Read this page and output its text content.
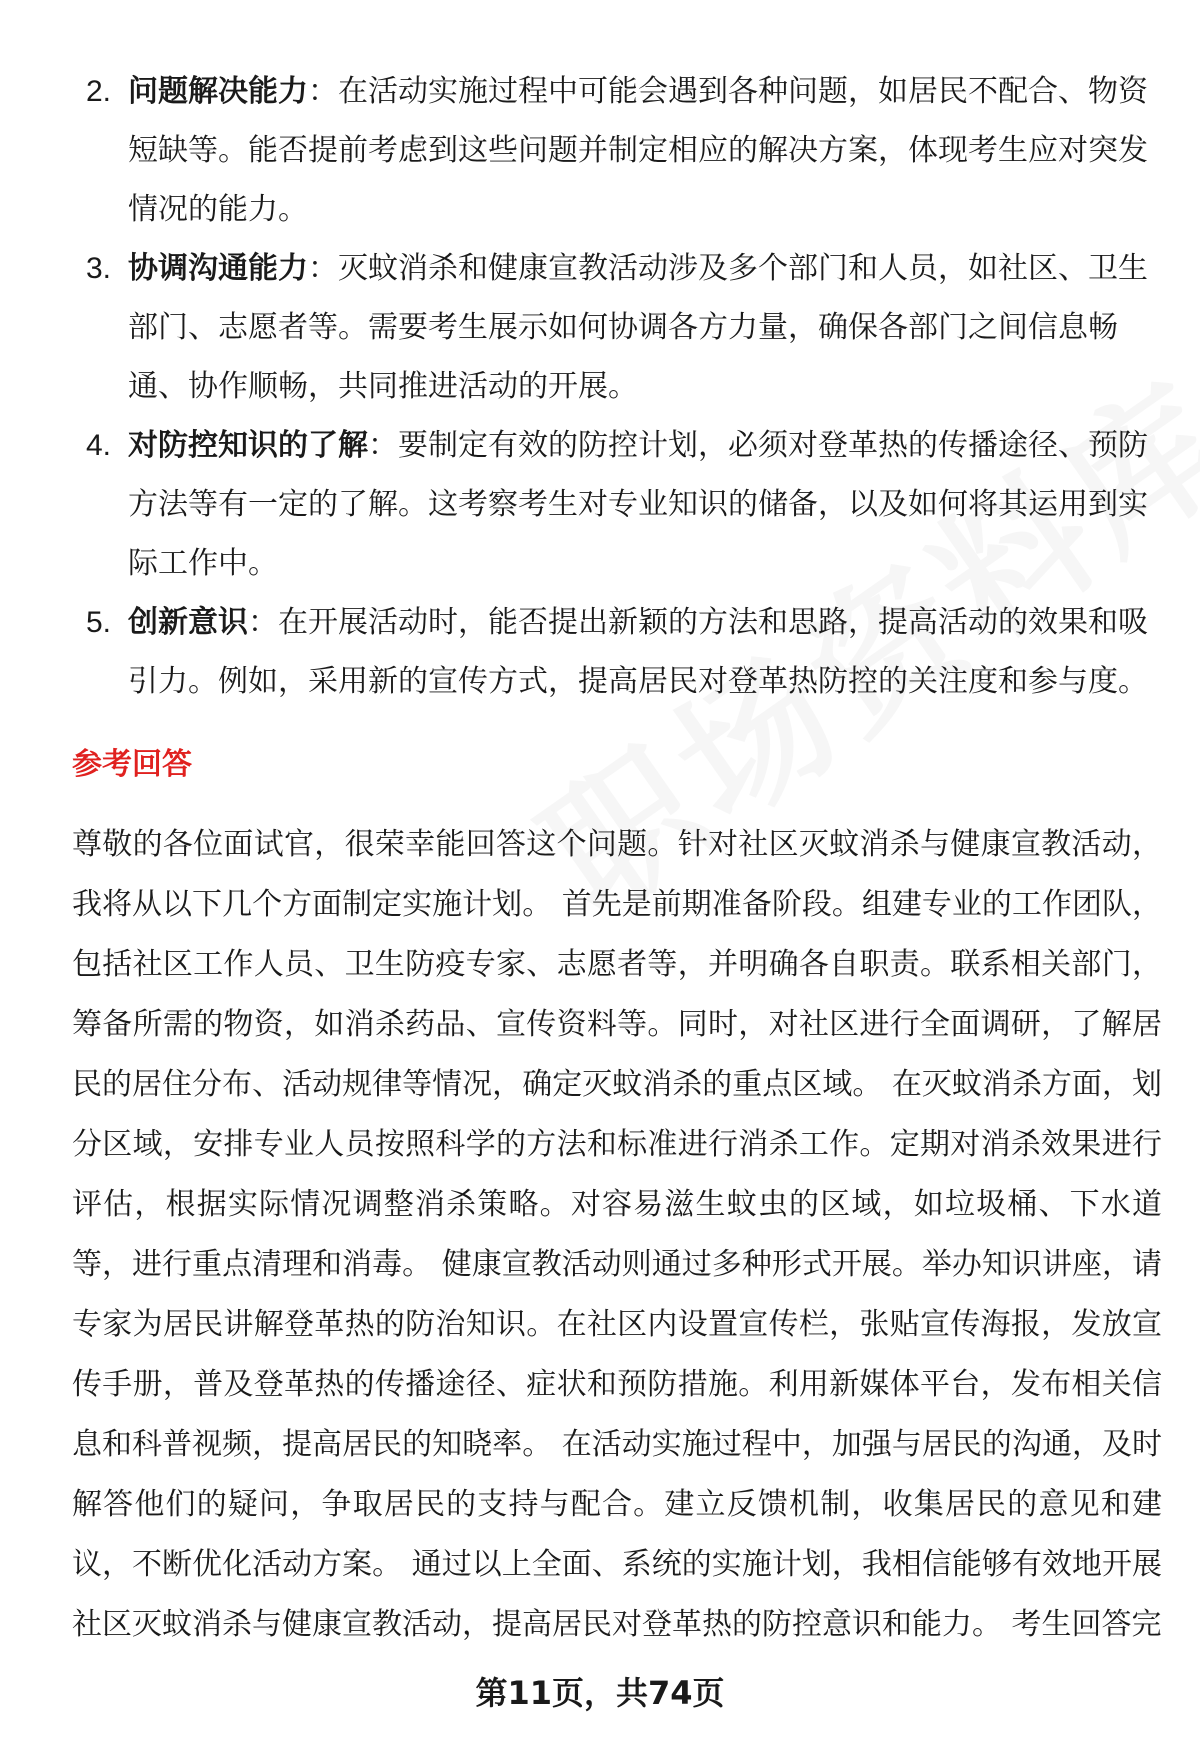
2. 问题解决能力：在活动实施过程中可能会遇到各种问题，如居民不配合、物资短缺等。能否提前考虑到这些问题并制定相应的解决方案，体现考生应对突发情况的能力。
3. 协调沟通能力：灭蚊消杀和健康宣教活动涉及多个部门和人员，如社区、卫生部门、志愿者等。需要考生展示如何协调各方力量，确保各部门之间信息畅通、协作顺畅，共同推进活动的开展。
4. 对防控知识的了解：要制定有效的防控计划，必须对登革热的传播途径、预防方法等有一定的了解。这考察考生对专业知识的储备，以及如何将其运用到实际工作中。
5. 创新意识：在开展活动时，能否提出新颖的方法和思路，提高活动的效果和吸引力。例如，采用新的宣传方式，提高居民对登革热防控的关注度和参与度。
参考回答

尊敬的各位面试官，很荣幸能回答这个问题。针对社区灭蚊消杀与健康宣教活动，我将从以下几个方面制定实施计划。 首先是前期准备阶段。组建专业的工作团队，包括社区工作人员、卫生防疫专家、志愿者等，并明确各自职责。联系相关部门，筹备所需的物资，如消杀药品、宣传资料等。同时，对社区进行全面调研，了解居民的居住分布、活动规律等情况，确定灭蚊消杀的重点区域。 在灭蚊消杀方面，划分区域，安排专业人员按照科学的方法和标准进行消杀工作。定期对消杀效果进行评估，根据实际情况调整消杀策略。对容易滋生蚊虫的区域，如垃圾桶、下水道等，进行重点清理和消毒。 健康宣教活动则通过多种形式开展。举办知识讲座，请专家为居民讲解登革热的防治知识。在社区内设置宣传栏，张贴宣传海报，发放宣传手册，普及登革热的传播途径、症状和预防措施。利用新媒体平台，发布相关信息和科普视频，提高居民的知晓率。 在活动实施过程中，加强与居民的沟通，及时解答他们的疑问，争取居民的支持与配合。建立反馈机制，收集居民的意见和建议，不断优化活动方案。 通过以上全面、系统的实施计划，我相信能够有效地开展社区灭蚊消杀与健康宣教活动，提高居民对登革热的防控意识和能力。 考生回答完

第11页，共74页
